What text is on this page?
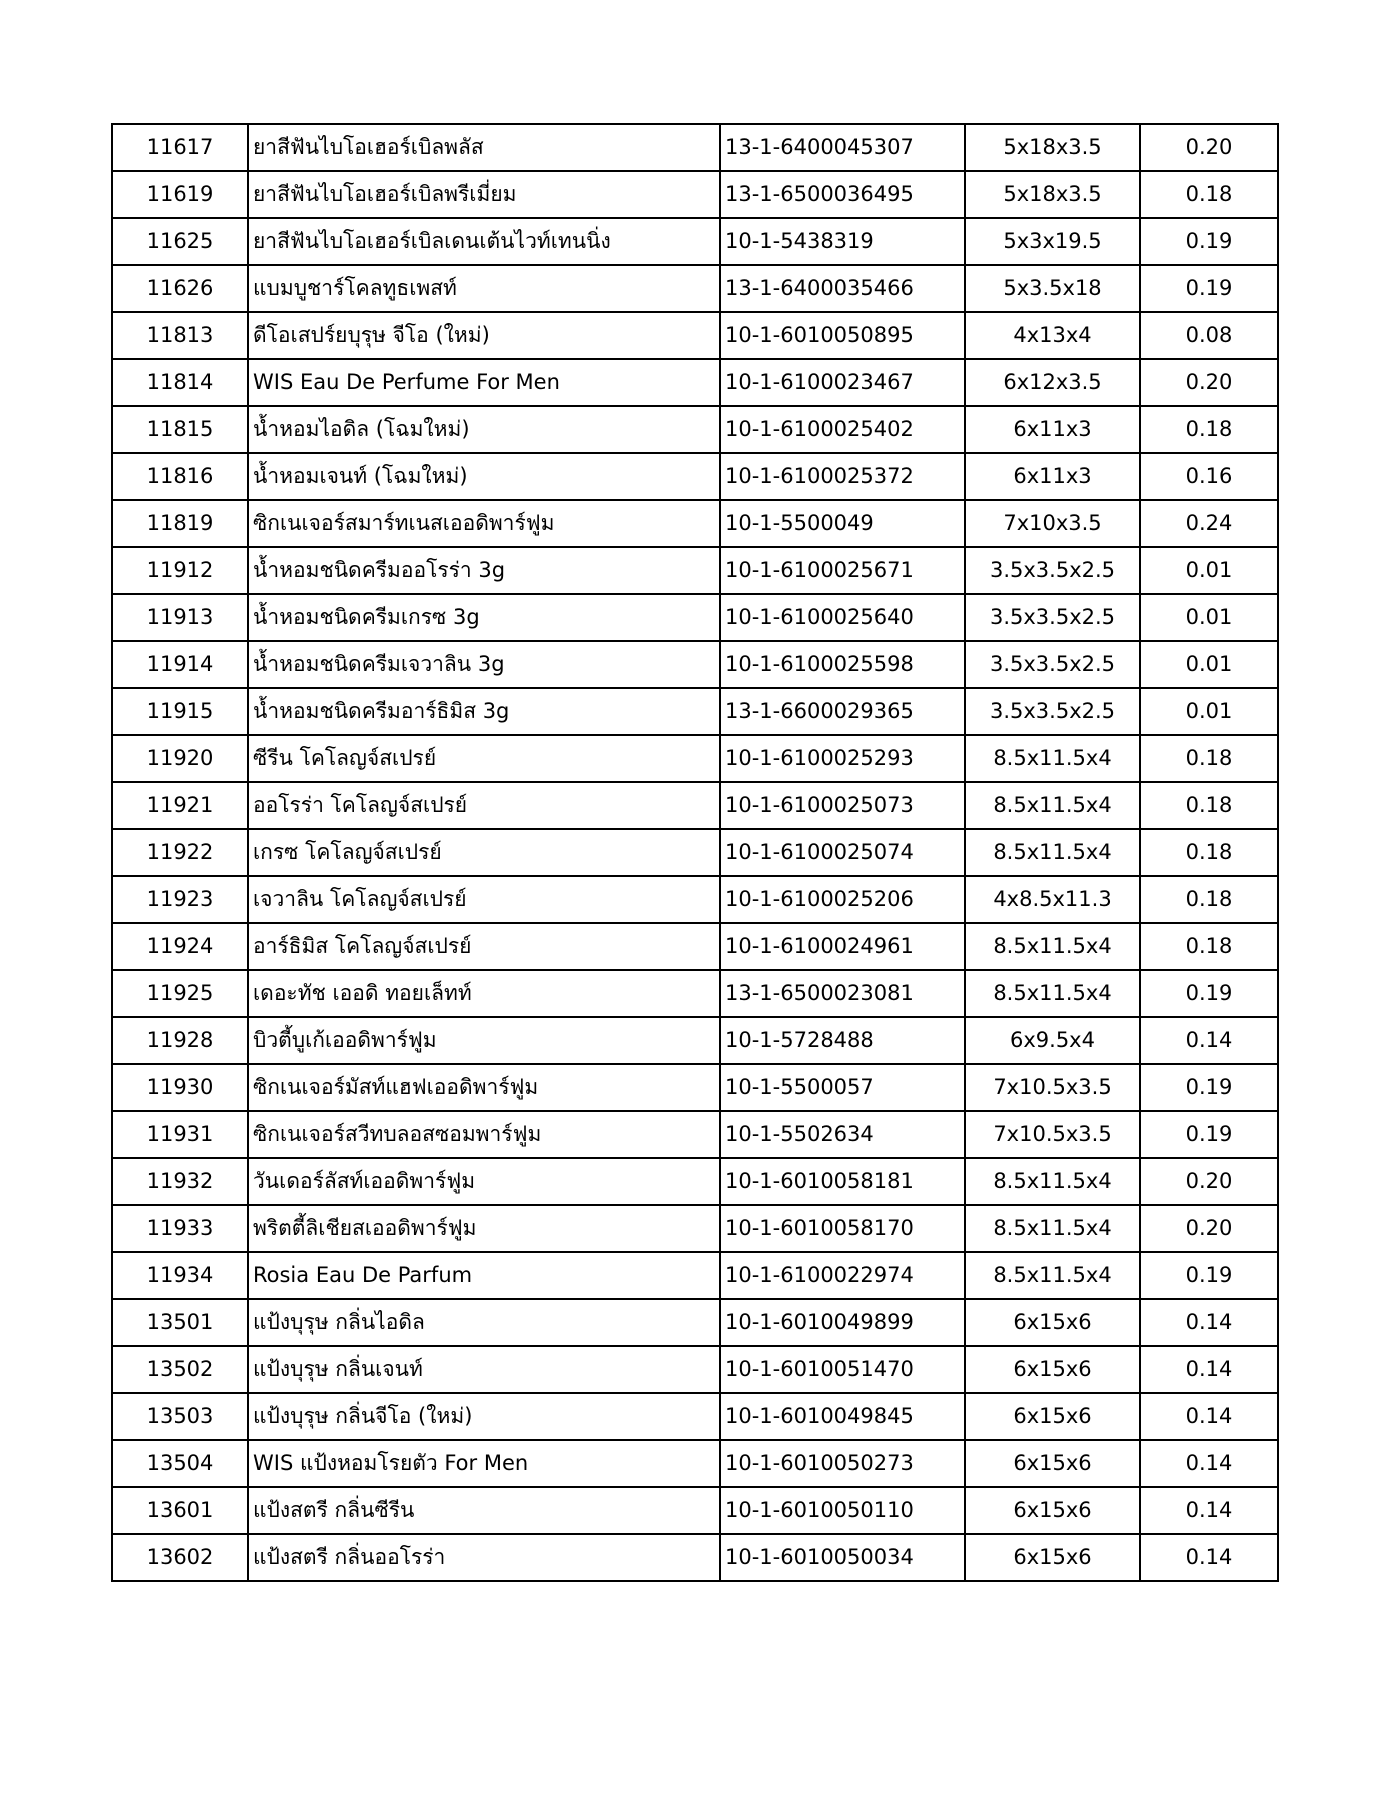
11617	ยาสีฟันไบโอเฮอร์เบิลพลัส	13-1-6400045307	5x18x3.5	0.20
11619	ยาสีฟันไบโอเฮอร์เบิลพรีเมี่ยม	13-1-6500036495	5x18x3.5	0.18
11625	ยาสีฟันไบโอเฮอร์เบิลเดนเต้นไวท์เทนนิ่ง	10-1-5438319	5x3x19.5	0.19
11626	แบมบูชาร์โคลทูธเพสท์	13-1-6400035466	5x3.5x18	0.19
11813	ดีโอเสปร์ยบุรุษ จีโอ (ใหม่)	10-1-6010050895	4x13x4	0.08
11814	WIS Eau De Perfume For Men	10-1-6100023467	6x12x3.5	0.20
11815	น้ำหอมไอดิล (โฉมใหม่)	10-1-6100025402	6x11x3	0.18
11816	น้ำหอมเจนท์ (โฉมใหม่)	10-1-6100025372	6x11x3	0.16
11819	ซิกเนเจอร์สมาร์ทเนสเออดิพาร์ฟูม	10-1-5500049	7x10x3.5	0.24
11912	น้ำหอมชนิดครีมออโรร่า 3g	10-1-6100025671	3.5x3.5x2.5	0.01
11913	น้ำหอมชนิดครีมเกรซ 3g	10-1-6100025640	3.5x3.5x2.5	0.01
11914	น้ำหอมชนิดครีมเจวาลิน 3g	10-1-6100025598	3.5x3.5x2.5	0.01
11915	น้ำหอมชนิดครีมอาร์ธิมิส 3g	13-1-6600029365	3.5x3.5x2.5	0.01
11920	ซีรีน โคโลญจ์สเปรย์	10-1-6100025293	8.5x11.5x4	0.18
11921	ออโรร่า โคโลญจ์สเปรย์	10-1-6100025073	8.5x11.5x4	0.18
11922	เกรซ โคโลญจ์สเปรย์	10-1-6100025074	8.5x11.5x4	0.18
11923	เจวาลิน โคโลญจ์สเปรย์	10-1-6100025206	4x8.5x11.3	0.18
11924	อาร์ธิมิส โคโลญจ์สเปรย์	10-1-6100024961	8.5x11.5x4	0.18
11925	เดอะทัช เออดิ ทอยเล็ทท์	13-1-6500023081	8.5x11.5x4	0.19
11928	บิวตี้บูเก้เออดิพาร์ฟูม	10-1-5728488	6x9.5x4	0.14
11930	ซิกเนเจอร์มัสท์แฮฟเออดิพาร์ฟูม	10-1-5500057	7x10.5x3.5	0.19
11931	ซิกเนเจอร์สวีทบลอสซอมพาร์ฟูม	10-1-5502634	7x10.5x3.5	0.19
11932	วันเดอร์ลัสท์เออดิพาร์ฟูม	10-1-6010058181	8.5x11.5x4	0.20
11933	พริตตี้ลิเชียสเออดิพาร์ฟูม	10-1-6010058170	8.5x11.5x4	0.20
11934	Rosia Eau De Parfum	10-1-6100022974	8.5x11.5x4	0.19
13501	แป้งบุรุษ กลิ่นไอดิล	10-1-6010049899	6x15x6	0.14
13502	แป้งบุรุษ กลิ่นเจนท์	10-1-6010051470	6x15x6	0.14
13503	แป้งบุรุษ กลิ่นจีโอ (ใหม่)	10-1-6010049845	6x15x6	0.14
13504	WIS แป้งหอมโรยตัว For Men	10-1-6010050273	6x15x6	0.14
13601	แป้งสตรี กลิ่นซีรีน	10-1-6010050110	6x15x6	0.14
13602	แป้งสตรี กลิ่นออโรร่า	10-1-6010050034	6x15x6	0.14
